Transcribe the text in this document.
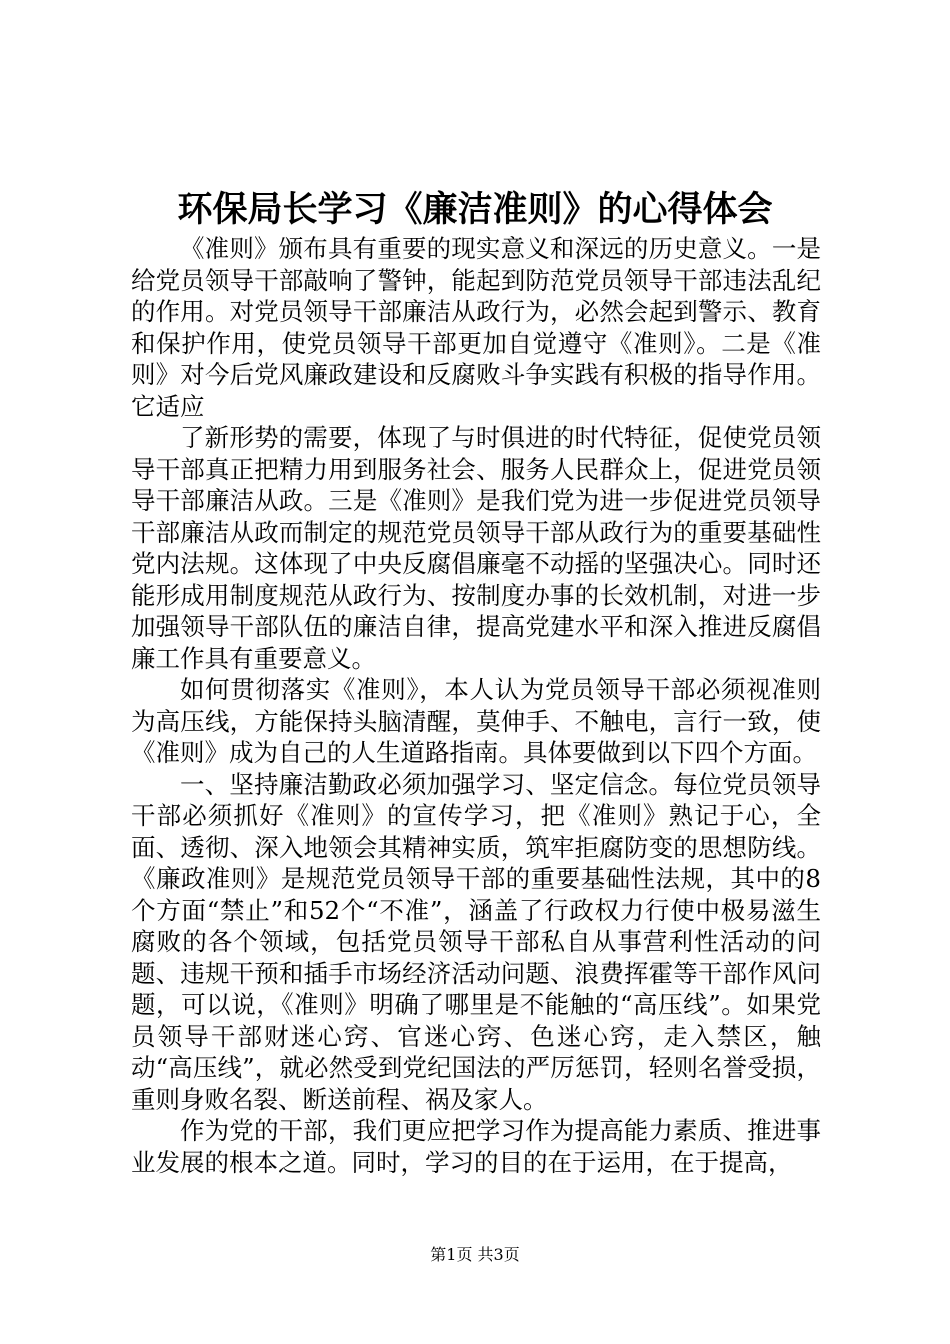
环保局长学习《廉洁准则》的心得体会

《准则》颁布具有重要的现实意义和深远的历史意义。一是给党员领导干部敲响了警钟，能起到防范党员领导干部违法乱纪的作用。对党员领导干部廉洁从政行为，必然会起到警示、教育和保护作用，使党员领导干部更加自觉遵守《准则》。二是《准则》对今后党风廉政建设和反腐败斗争实践有积极的指导作用。它适应

了新形势的需要，体现了与时俱进的时代特征，促使党员领导干部真正把精力用到服务社会、服务人民群众上，促进党员领导干部廉洁从政。三是《准则》是我们党为进一步促进党员领导干部廉洁从政而制定的规范党员领导干部从政行为的重要基础性党内法规。这体现了中央反腐倡廉毫不动摇的坚强决心。同时还能形成用制度规范从政行为、按制度办事的长效机制，对进一步加强领导干部队伍的廉洁自律，提高党建水平和深入推进反腐倡廉工作具有重要意义。

如何贯彻落实《准则》，本人认为党员领导干部必须视准则为高压线，方能保持头脑清醒，莫伸手、不触电，言行一致，使《准则》成为自己的人生道路指南。具体要做到以下四个方面。

一、坚持廉洁勤政必须加强学习、坚定信念。每位党员领导干部必须抓好《准则》的宣传学习，把《准则》熟记于心，全面、透彻、深入地领会其精神实质，筑牢拒腐防变的思想防线。《廉政准则》是规范党员领导干部的重要基础性法规，其中的8个方面“禁止”和52个“不准”，涵盖了行政权力行使中极易滋生腐败的各个领域，包括党员领导干部私自从事营利性活动的问题、违规干预和插手市场经济活动问题、浪费挥霍等干部作风问题，可以说，《准则》明确了哪里是不能触的“高压线”。如果党员领导干部财迷心窍、官迷心窍、色迷心窍，走入禁区，触动“高压线”，就必然受到党纪国法的严厉惩罚，轻则名誉受损，重则身败名裂、断送前程、祸及家人。

作为党的干部，我们更应把学习作为提高能力素质、推进事业发展的根本之道。同时，学习的目的在于运用，在于提高，

第1页 共3页
